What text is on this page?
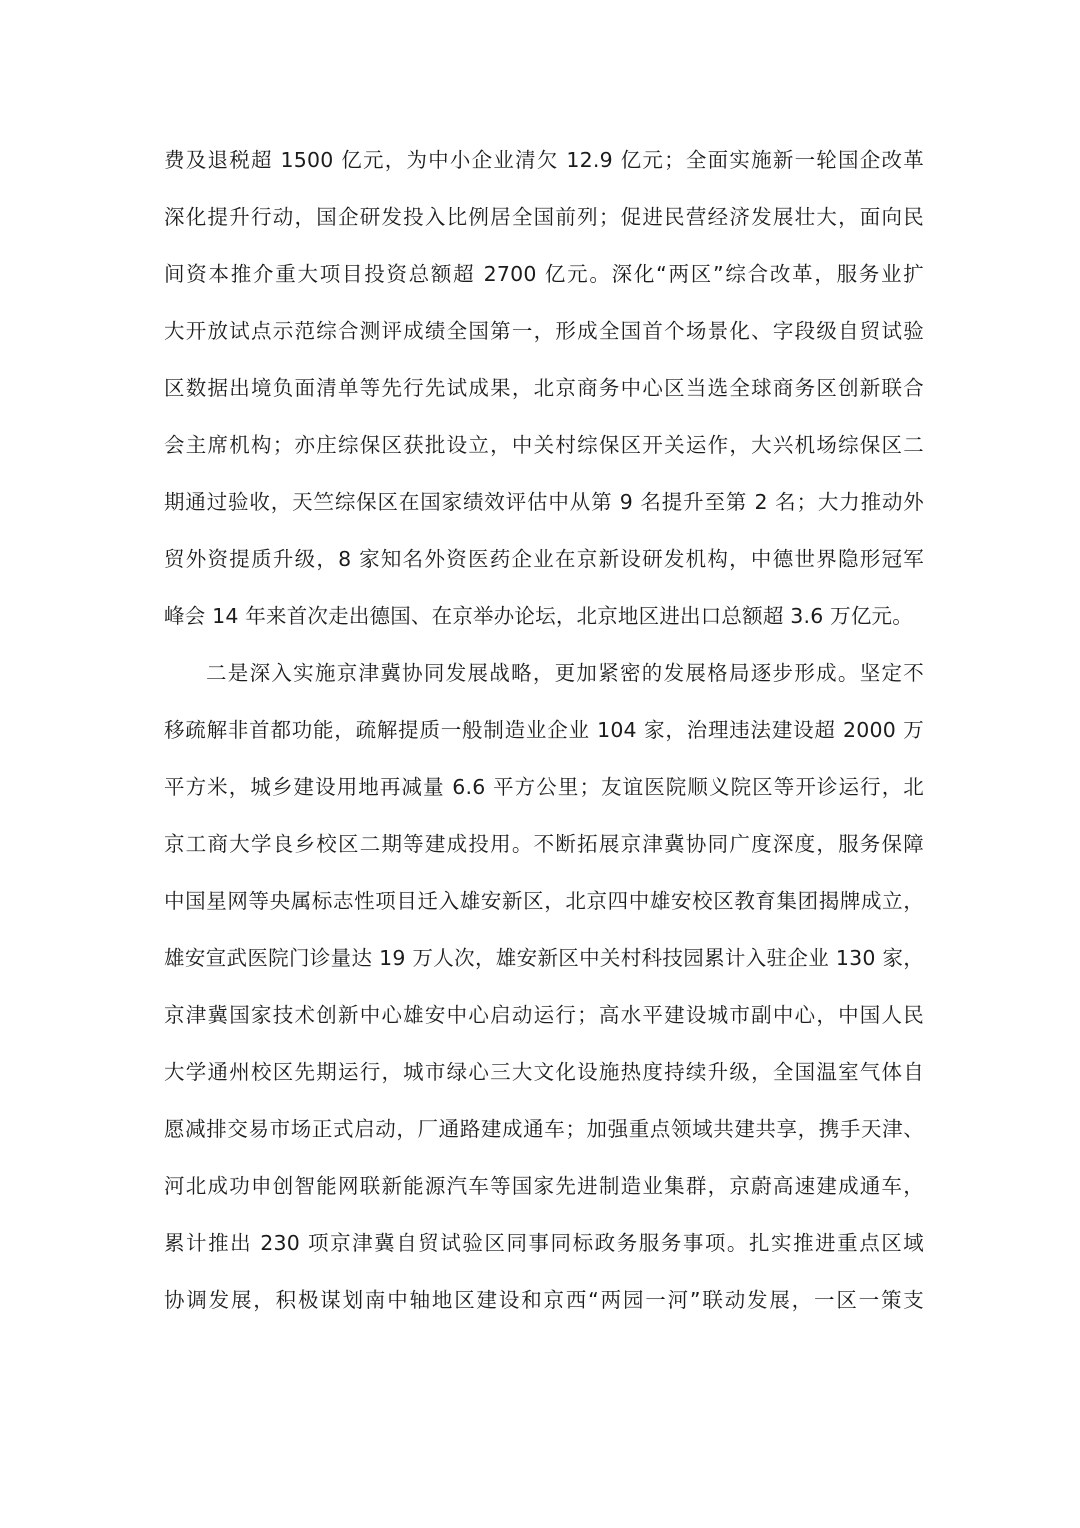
费及退税超 1500 亿元，为中小企业清欠 12.9 亿元；全面实施新一轮国企改革
深化提升行动，国企研发投入比例居全国前列；促进民营经济发展壮大，面向民
间资本推介重大项目投资总额超 2700 亿元。深化“两区”综合改革，服务业扩
大开放试点示范综合测评成绩全国第一，形成全国首个场景化、字段级自贸试验
区数据出境负面清单等先行先试成果，北京商务中心区当选全球商务区创新联合
会主席机构；亦庄综保区获批设立，中关村综保区开关运作，大兴机场综保区二
期通过验收，天竺综保区在国家绩效评估中从第 9 名提升至第 2 名；大力推动外
贸外资提质升级，8 家知名外资医药企业在京新设研发机构，中德世界隐形冠军
峰会 14 年来首次走出德国、在京举办论坛，北京地区进出口总额超 3.6 万亿元。
二是深入实施京津冀协同发展战略，更加紧密的发展格局逐步形成。坚定不
移疏解非首都功能，疏解提质一般制造业企业 104 家，治理违法建设超 2000 万
平方米，城乡建设用地再减量 6.6 平方公里；友谊医院顺义院区等开诊运行，北
京工商大学良乡校区二期等建成投用。不断拓展京津冀协同广度深度，服务保障
中国星网等央属标志性项目迁入雄安新区，北京四中雄安校区教育集团揭牌成立，
雄安宣武医院门诊量达 19 万人次，雄安新区中关村科技园累计入驻企业 130 家，
京津冀国家技术创新中心雄安中心启动运行；高水平建设城市副中心，中国人民
大学通州校区先期运行，城市绿心三大文化设施热度持续升级，全国温室气体自
愿减排交易市场正式启动，厂通路建成通车；加强重点领域共建共享，携手天津、
河北成功申创智能网联新能源汽车等国家先进制造业集群，京蔚高速建成通车，
累计推出 230 项京津冀自贸试验区同事同标政务服务事项。扎实推进重点区域
协调发展，积极谋划南中轴地区建设和京西“两园一河”联动发展，一区一策支
